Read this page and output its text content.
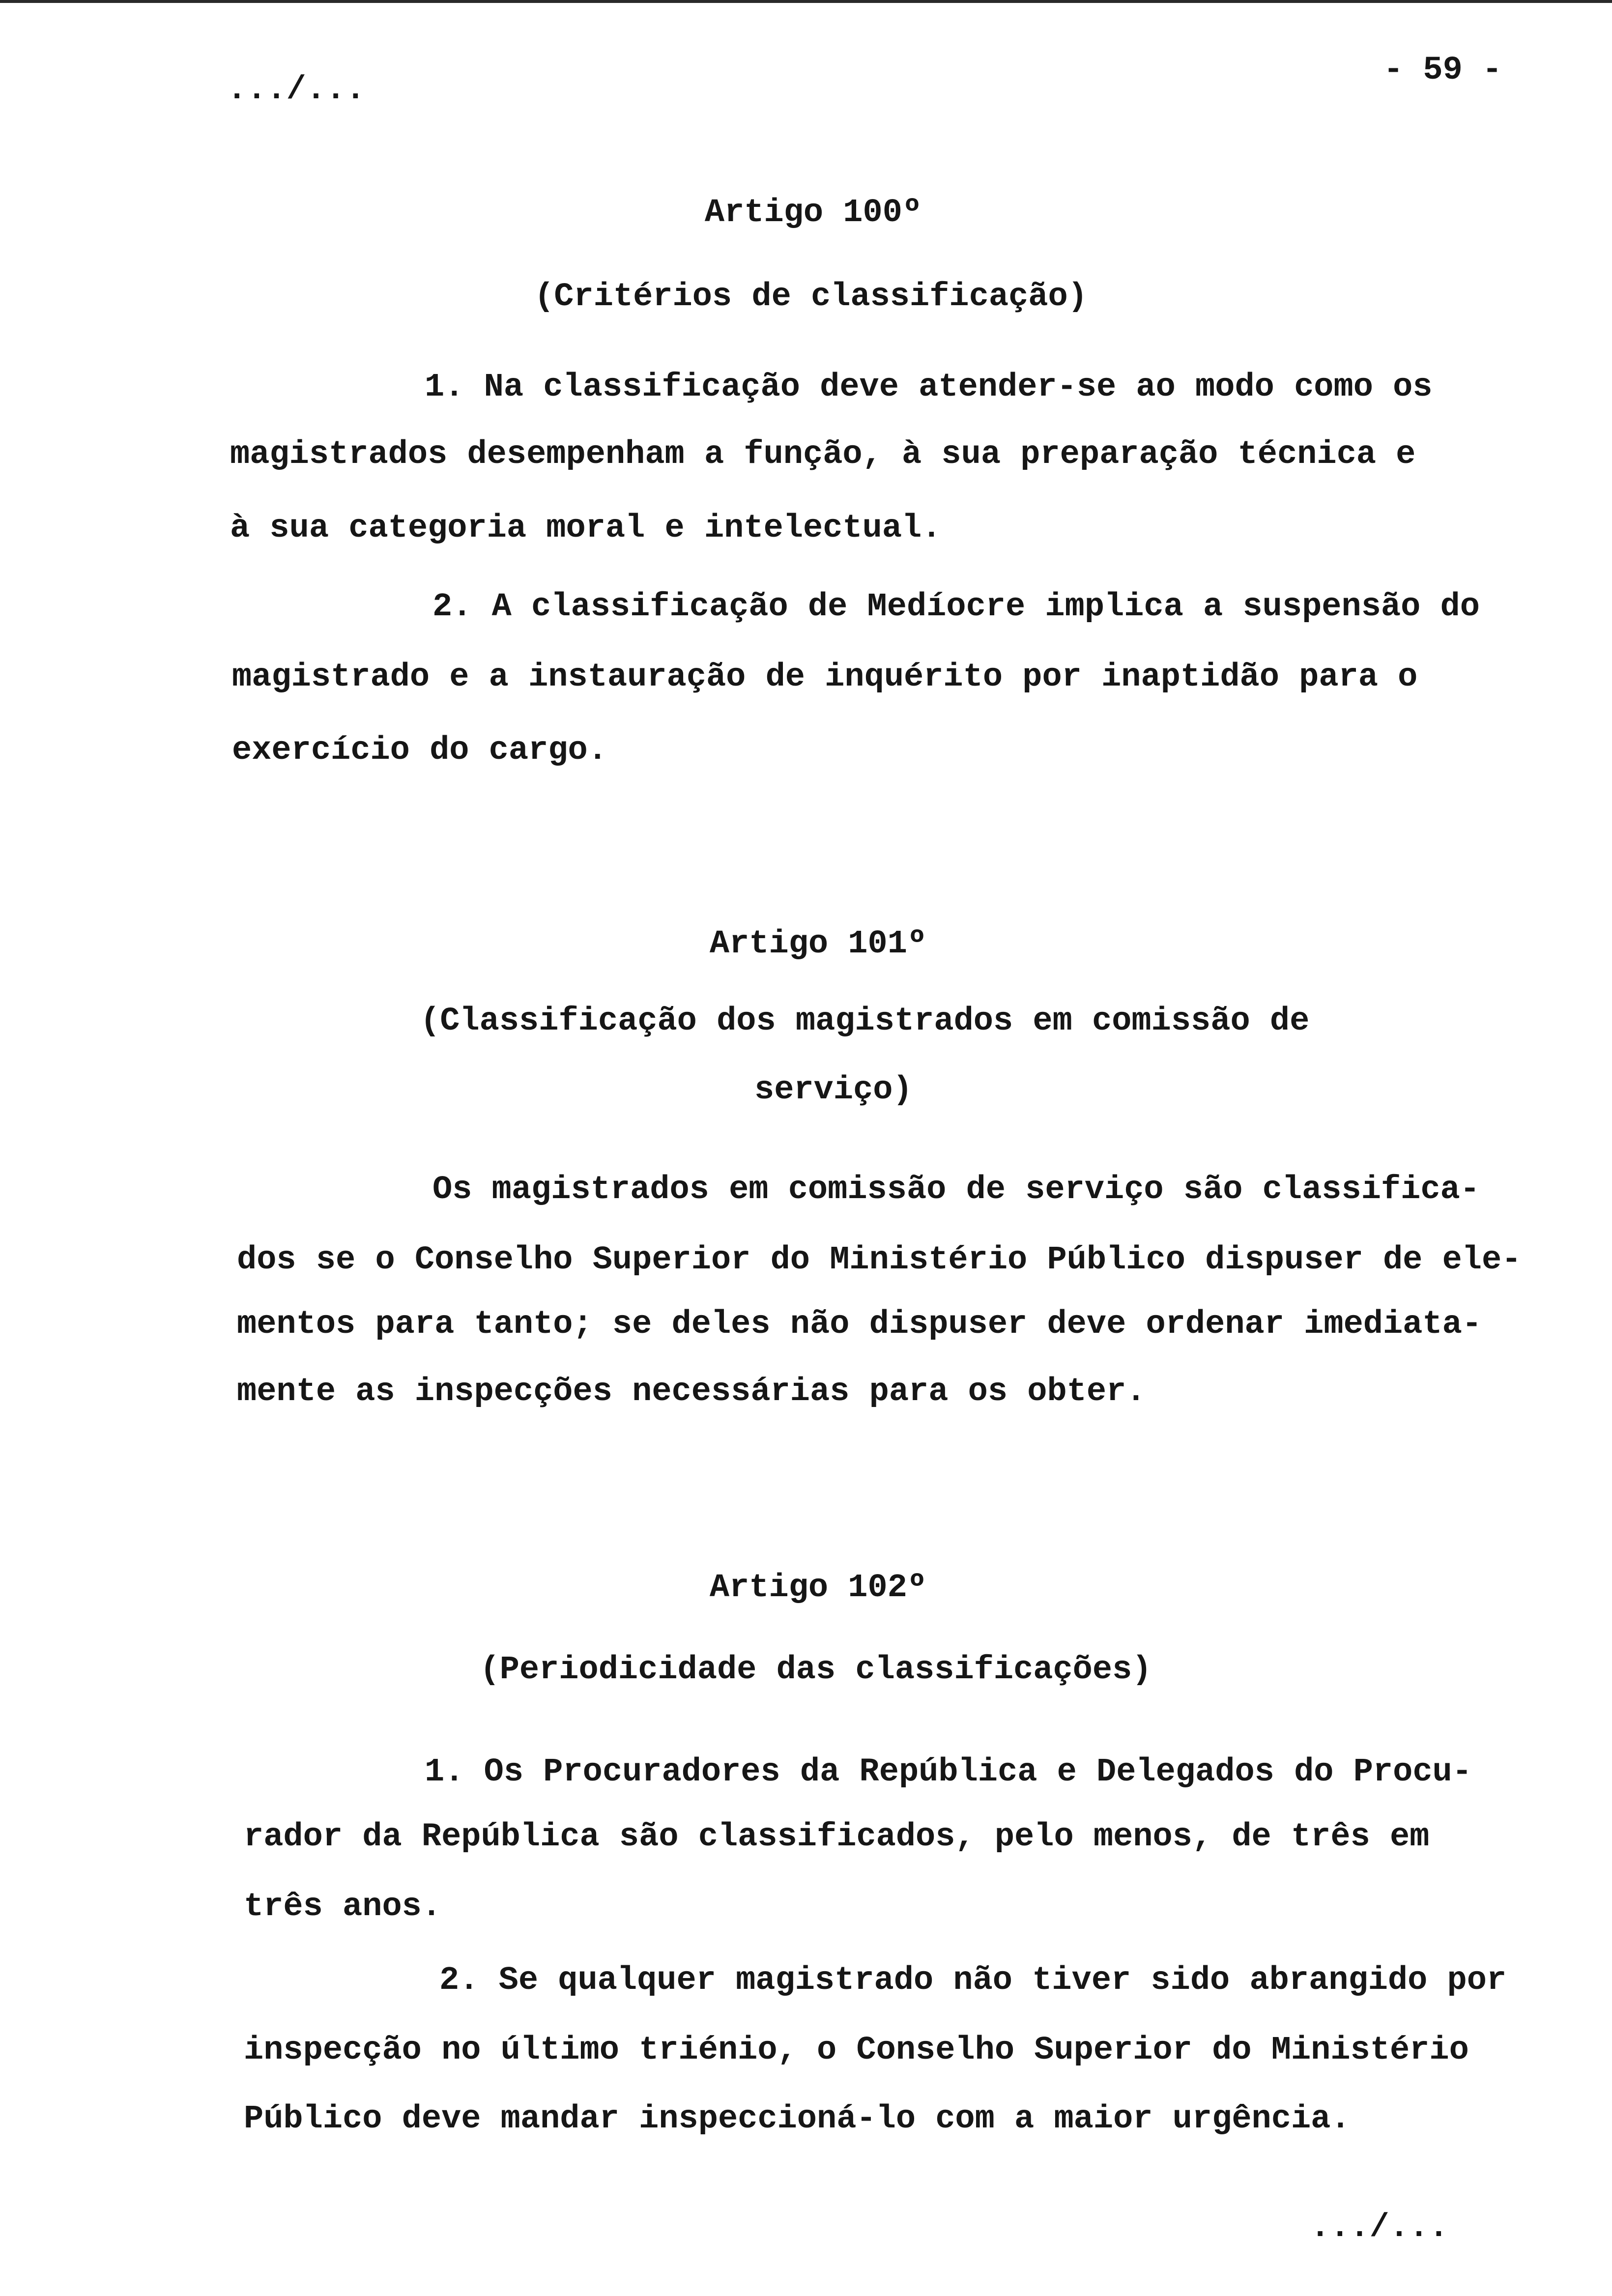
.../...
- 59 -
Artigo 100º
(Critérios de classificação)
1. Na classificação deve atender-se ao modo como os
magistrados desempenham a função, à sua preparação técnica e
à sua categoria moral e intelectual.
2. A classificação de Medíocre implica a suspensão do
magistrado e a instauração de inquérito por inaptidão para o
exercício do cargo.
Artigo 101º
(Classificação dos magistrados em comissão de
serviço)
Os magistrados em comissão de serviço são classifica-
dos se o Conselho Superior do Ministério Público dispuser de ele-
mentos para tanto; se deles não dispuser deve ordenar imediata-
mente as inspecções necessárias para os obter.
Artigo 102º
(Periodicidade das classificações)
1. Os Procuradores da República e Delegados do Procu-
rador da República são classificados, pelo menos, de três em
três anos.
2. Se qualquer magistrado não tiver sido abrangido por
inspecção no último triénio, o Conselho Superior do Ministério
Público deve mandar inspeccioná-lo com a maior urgência.
.../...
